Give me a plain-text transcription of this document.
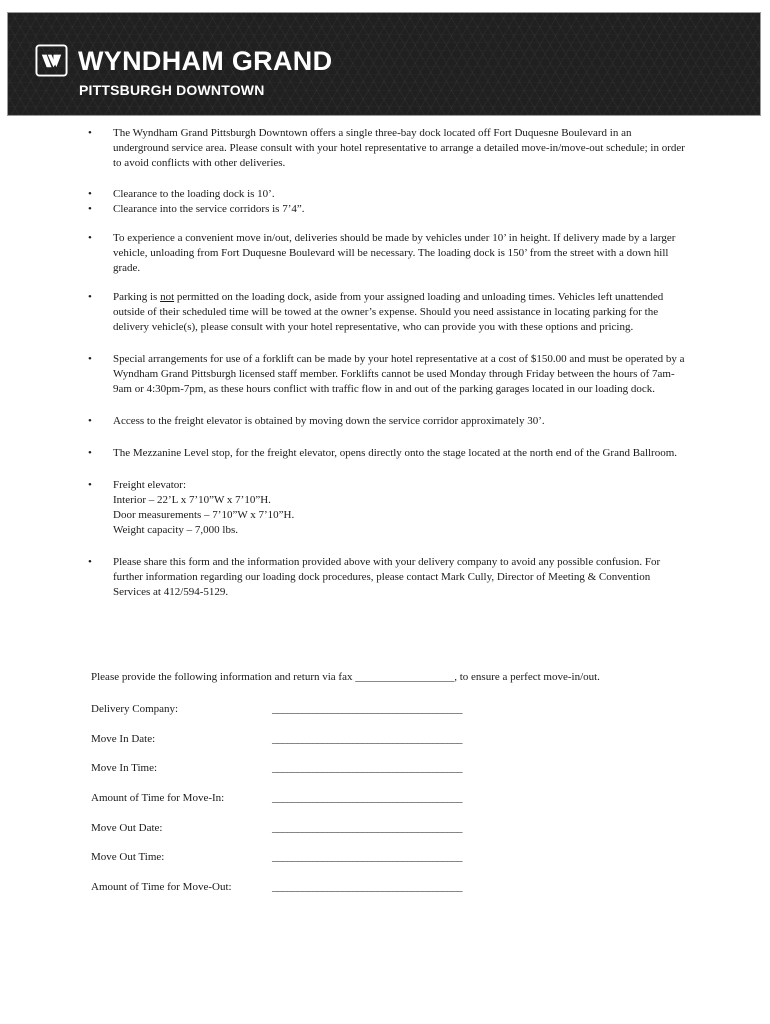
WYNDHAM GRAND
PITTSBURGH DOWNTOWN
• The Wyndham Grand Pittsburgh Downtown offers a single three-bay dock located off Fort Duquesne Boulevard in an underground service area. Please consult with your hotel representative to arrange a detailed move-in/move-out schedule; in order to avoid conflicts with other deliveries.
• Clearance to the loading dock is 10’.
• Clearance into the service corridors is 7’4”.
• To experience a convenient move in/out, deliveries should be made by vehicles under 10’ in height. If delivery made by a larger vehicle, unloading from Fort Duquesne Boulevard will be necessary. The loading dock is 150’ from the street with a down hill grade.
• Parking is not permitted on the loading dock, aside from your assigned loading and unloading times. Vehicles left unattended outside of their scheduled time will be towed at the owner’s expense. Should you need assistance in locating parking for the delivery vehicle(s), please consult with your hotel representative, who can provide you with these options and pricing.
• Special arrangements for use of a forklift can be made by your hotel representative at a cost of $150.00 and must be operated by a Wyndham Grand Pittsburgh licensed staff member. Forklifts cannot be used Monday through Friday between the hours of 7am-9am or 4:30pm-7pm, as these hours conflict with traffic flow in and out of the parking garages located in our loading dock.
• Access to the freight elevator is obtained by moving down the service corridor approximately 30’.
• The Mezzanine Level stop, for the freight elevator, opens directly onto the stage located at the north end of the Grand Ballroom.
• Freight elevator:
Interior – 22’L x 7’10”W x 7’10”H.
Door measurements – 7’10”W x 7’10”H.
Weight capacity – 7,000 lbs.
• Please share this form and the information provided above with your delivery company to avoid any possible confusion. For further information regarding our loading dock procedures, please contact Mark Cully, Director of Meeting & Convention Services at 412/594-5129.

Please provide the following information and return via fax __________________, to ensure a perfect move-in/out.

Delivery Company:	______________________________________
Move In Date:	______________________________________
Move In Time:	______________________________________
Amount of Time for Move-In:	______________________________________
Move Out Date:	______________________________________
Move Out Time:	______________________________________
Amount of Time for Move-Out:	______________________________________
